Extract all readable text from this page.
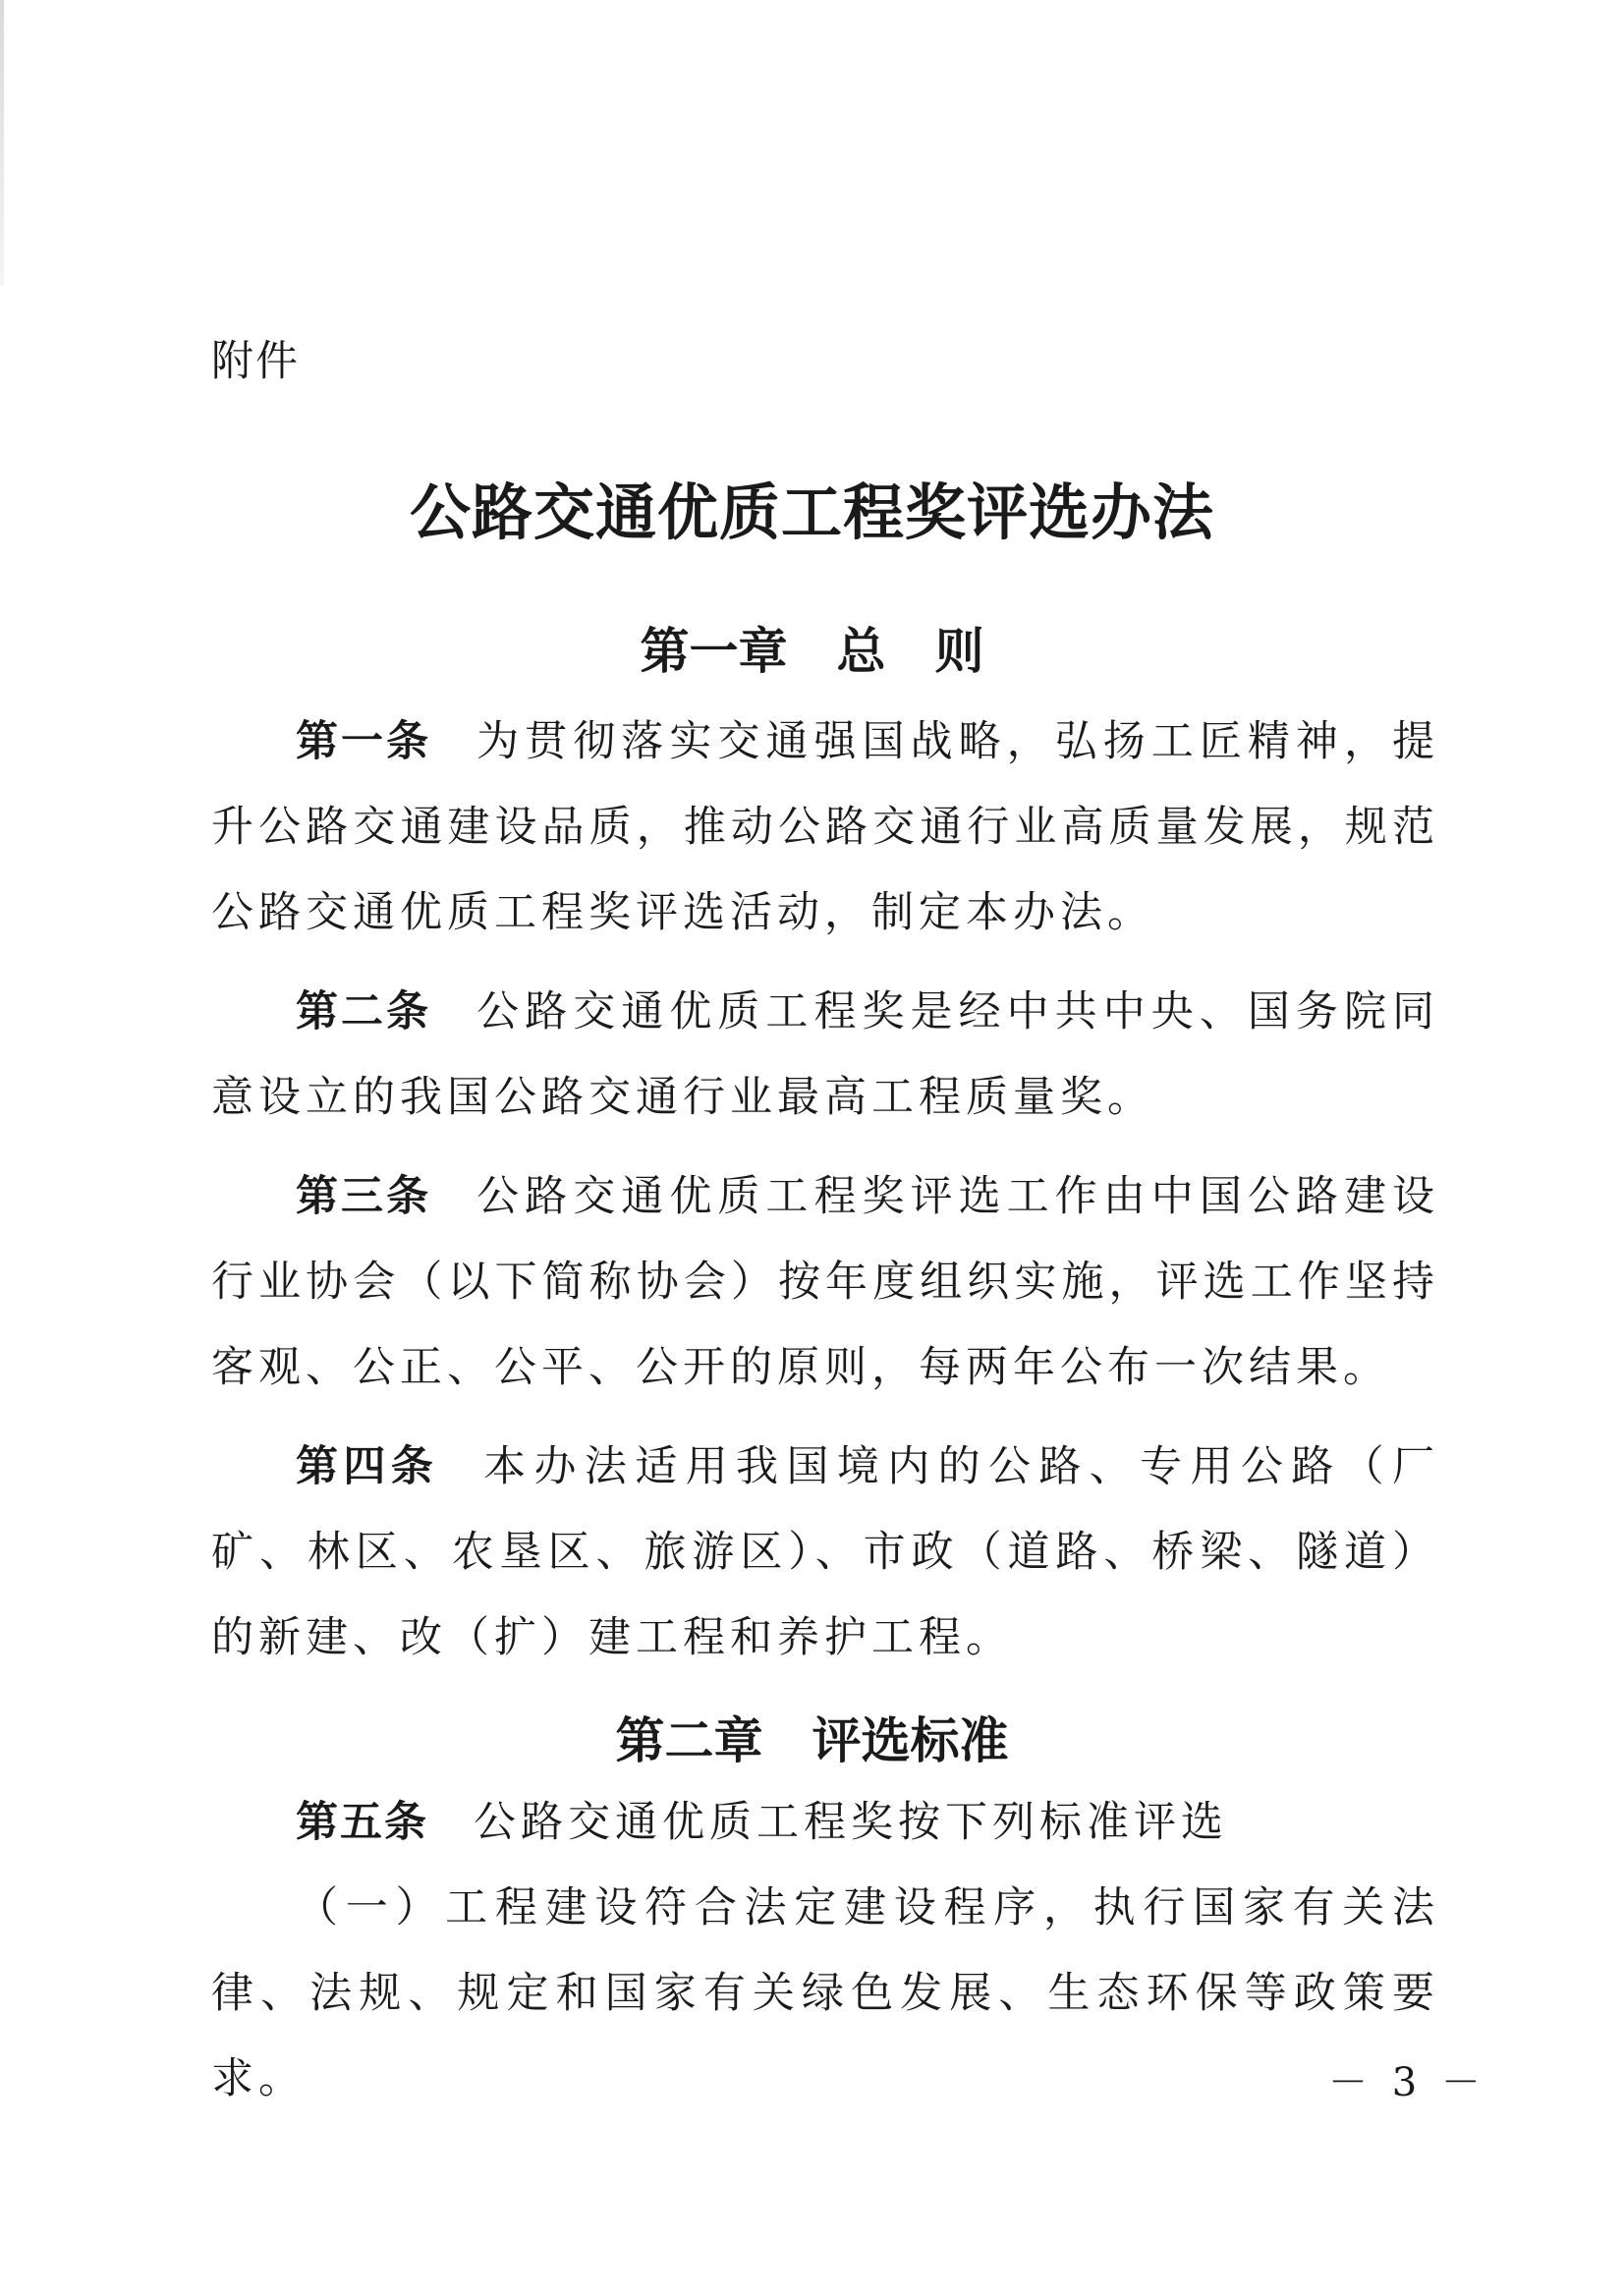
附件
公路交通优质工程奖评选办法
第一章　总　则

第一条 为贯彻落实交通强国战略，弘扬工匠精神，提升公路交通建设品质，推动公路交通行业高质量发展，规范公路交通优质工程奖评选活动，制定本办法。

第二条 公路交通优质工程奖是经中共中央、国务院同意设立的我国公路交通行业最高工程质量奖。

第三条 公路交通优质工程奖评选工作由中国公路建设行业协会（以下简称协会）按年度组织实施，评选工作坚持客观、公正、公平、公开的原则，每两年公布一次结果。

第四条 本办法适用我国境内的公路、专用公路（厂矿、林区、农垦区、旅游区）、市政（道路、桥梁、隧道）的新建、改（扩）建工程和养护工程。

第二章　评选标准

第五条 公路交通优质工程奖按下列标准评选

（一）工程建设符合法定建设程序，执行国家有关法律、法规、规定和国家有关绿色发展、生态环保等政策要求。	－ 3 －
